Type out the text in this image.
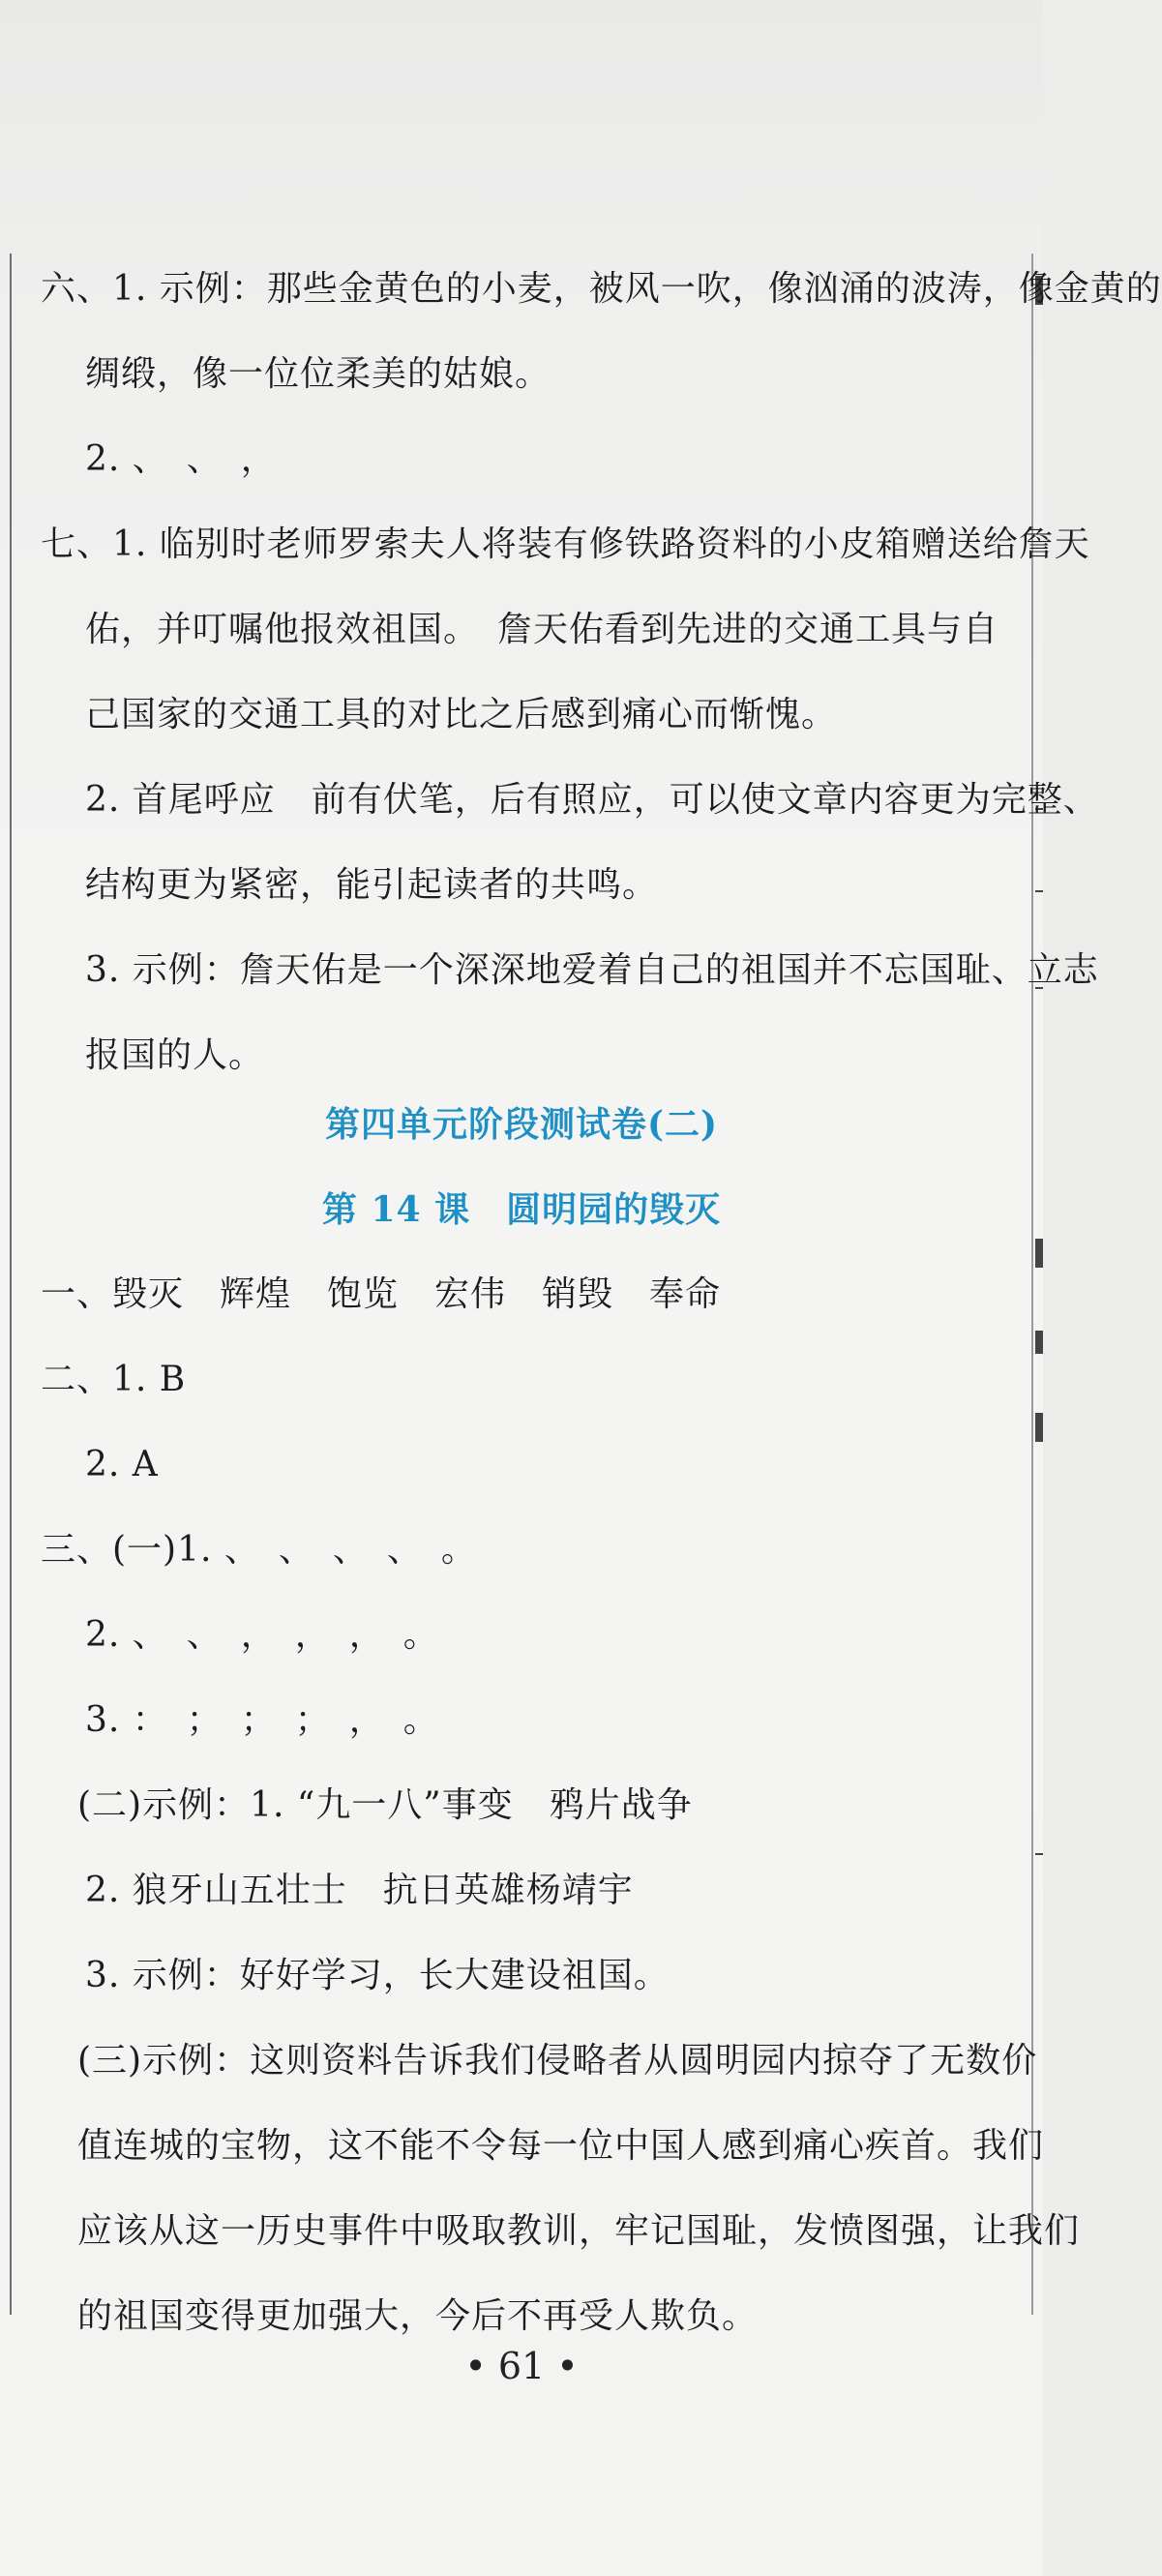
六、1. 示例：那些金黄色的小麦，被风一吹，像汹涌的波涛，像金黄的
绸缎，像一位位柔美的姑娘。
2. 、　、　，
七、1. 临别时老师罗索夫人将装有修铁路资料的小皮箱赠送给詹天
佑，并叮嘱他报效祖国。　詹天佑看到先进的交通工具与自
己国家的交通工具的对比之后感到痛心而惭愧。
2. 首尾呼应　前有伏笔，后有照应，可以使文章内容更为完整、
结构更为紧密，能引起读者的共鸣。
3. 示例：詹天佑是一个深深地爱着自己的祖国并不忘国耻、立志
报国的人。
第四单元阶段测试卷(二)
第 14 课　圆明园的毁灭
一、毁灭　辉煌　饱览　宏伟　销毁　奉命
二、1. B
2. A
三、(一)1. 、　、　、　、　。
2. 、　、　，　，　，　。
3. ：　；　；　；　，　。
(二)示例：1. “九一八”事变　鸦片战争
2. 狼牙山五壮士　抗日英雄杨靖宇
3. 示例：好好学习，长大建设祖国。
(三)示例：这则资料告诉我们侵略者从圆明园内掠夺了无数价
值连城的宝物，这不能不令每一位中国人感到痛心疾首。我们
应该从这一历史事件中吸取教训，牢记国耻，发愤图强，让我们
的祖国变得更加强大，今后不再受人欺负。
• 61 •
